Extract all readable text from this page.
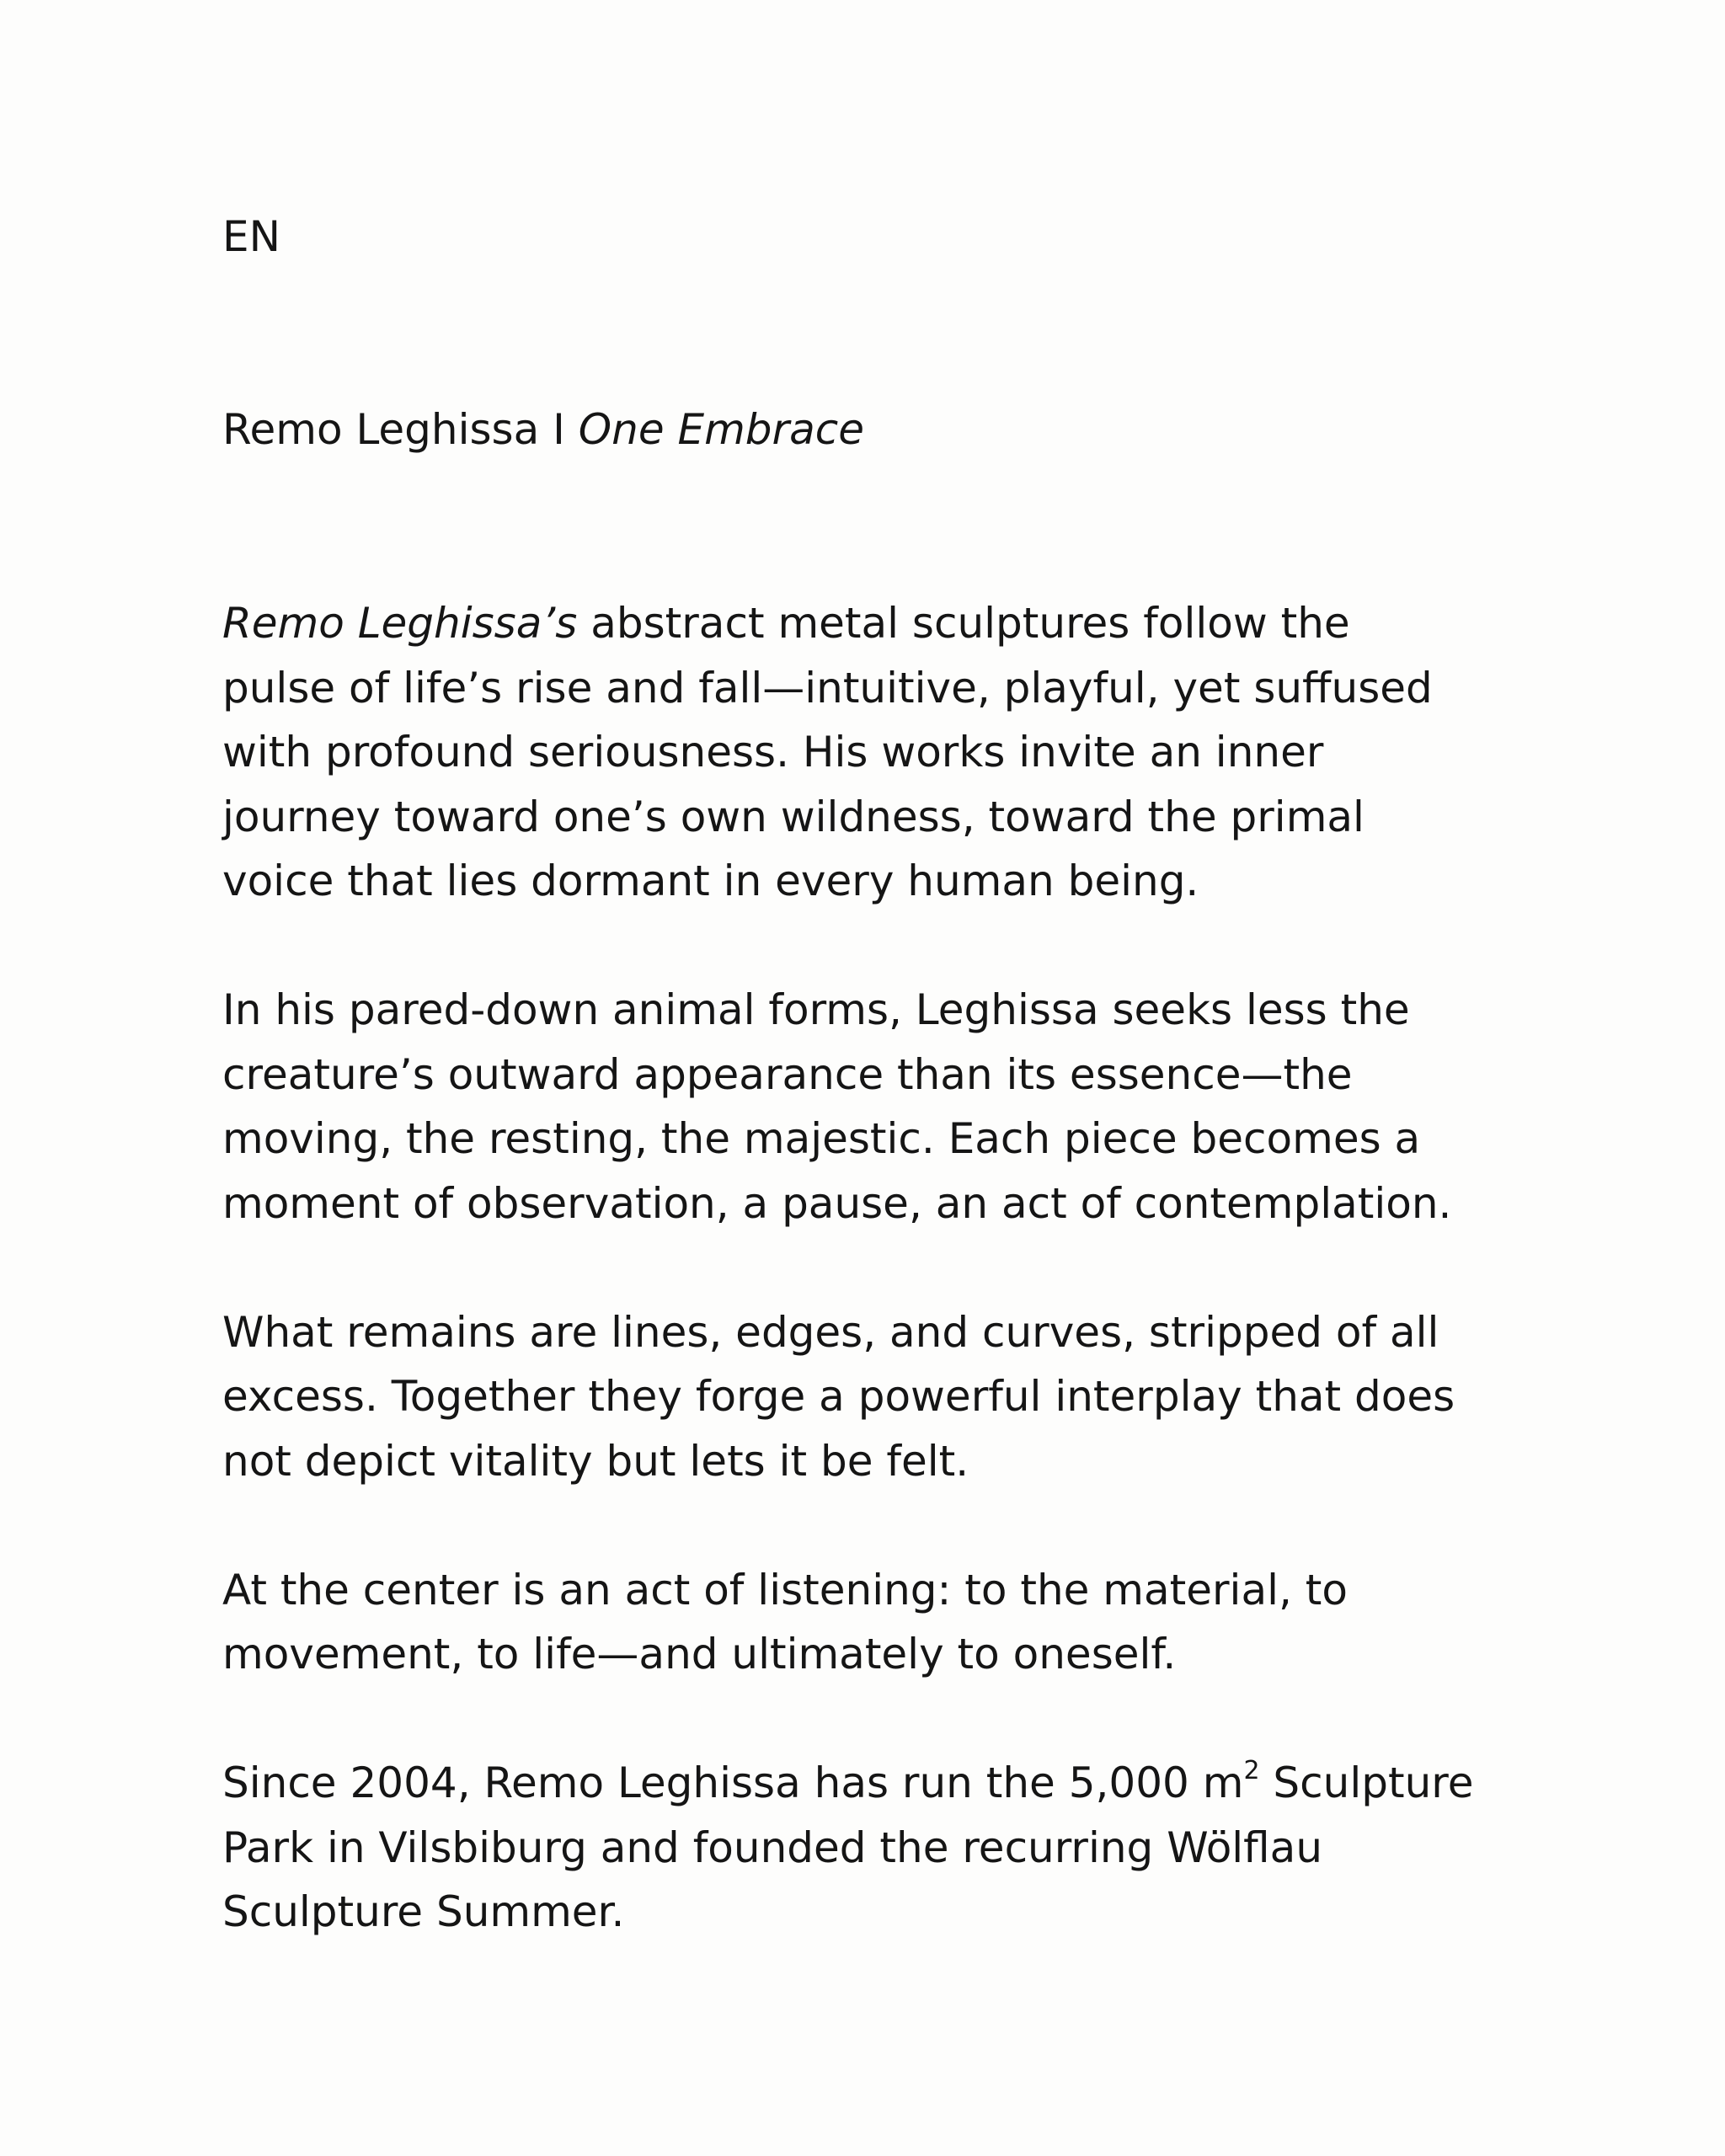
EN

Remo Leghissa I One Embrace

Remo Leghissa’s abstract metal sculptures follow the
pulse of life’s rise and fall—intuitive, playful, yet suffused
with profound seriousness. His works invite an inner
journey toward one’s own wildness, toward the primal
voice that lies dormant in every human being.

In his pared-down animal forms, Leghissa seeks less the
creature’s outward appearance than its essence—the
moving, the resting, the majestic. Each piece becomes a
moment of observation, a pause, an act of contemplation.

What remains are lines, edges, and curves, stripped of all
excess. Together they forge a powerful interplay that does
not depict vitality but lets it be felt.

At the center is an act of listening: to the material, to
movement, to life—and ultimately to oneself.

Since 2004, Remo Leghissa has run the 5,000 $m^2$ Sculpture
Park in Vilsbiburg and founded the recurring Wölflau
Sculpture Summer.
